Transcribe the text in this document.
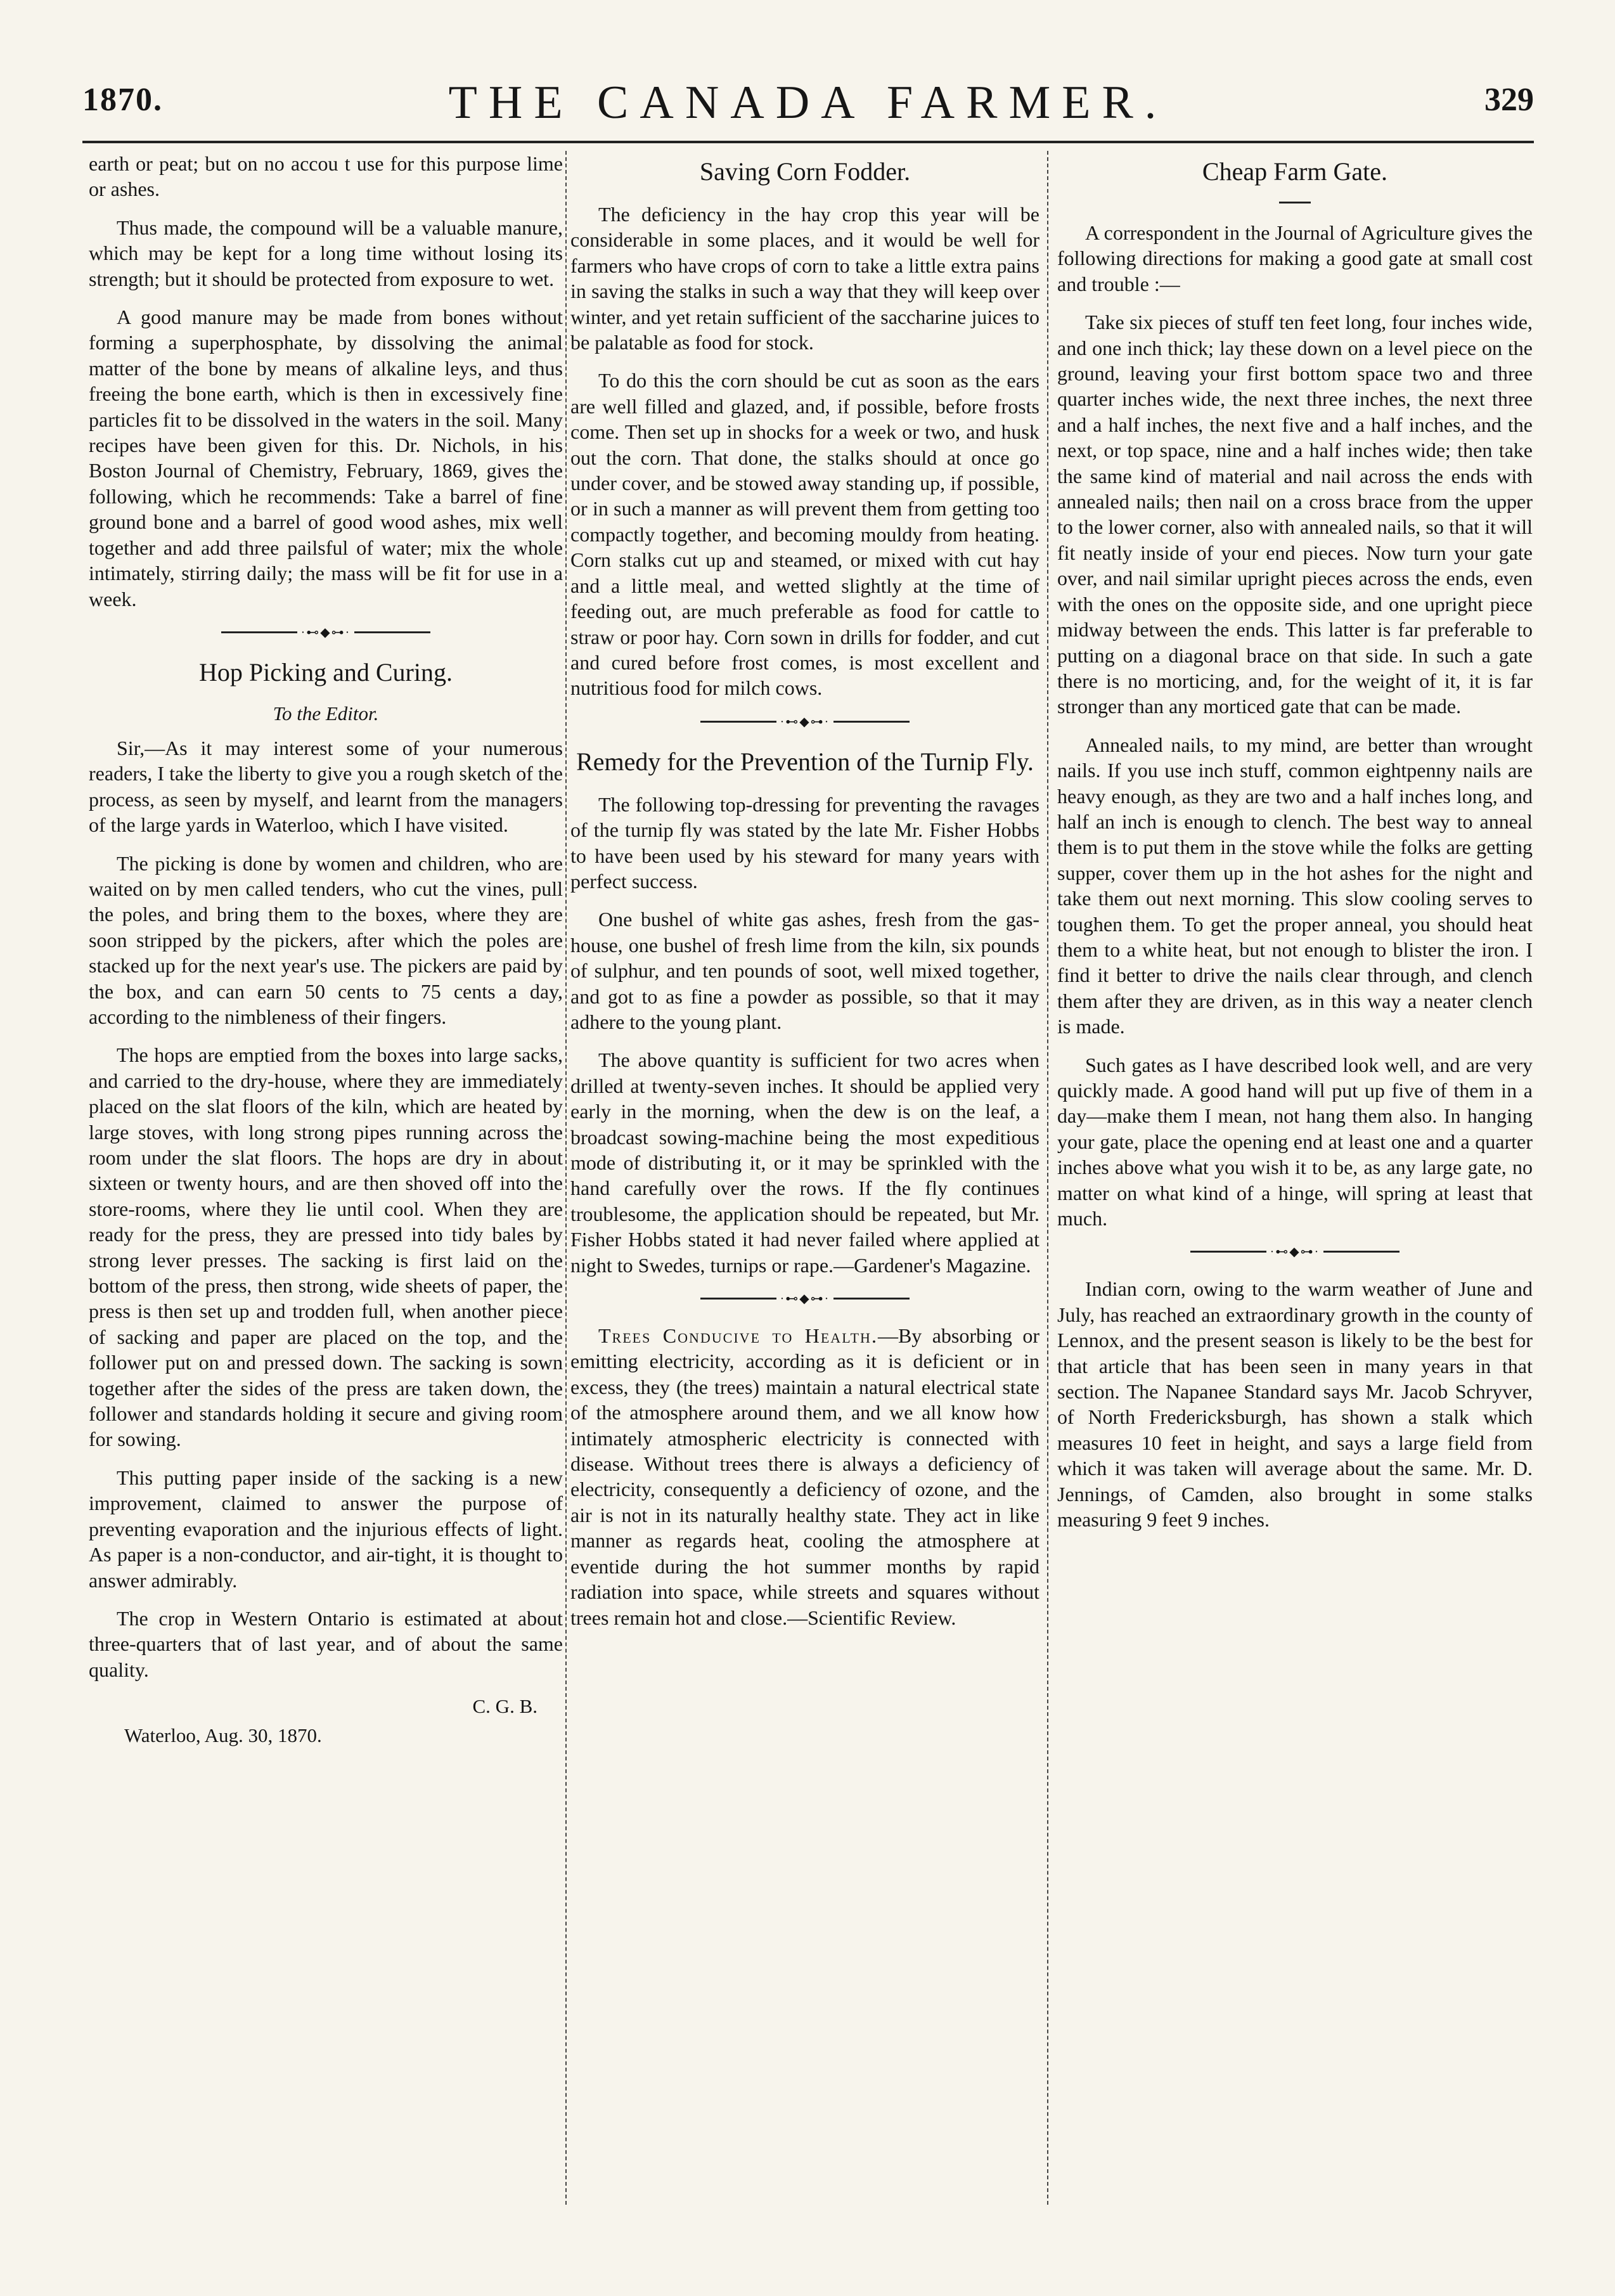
1870.	THE CANADA FARMER.	329

earth or peat; but on no accou t use for this purpose lime or ashes.

Thus made, the compound will be a valuable manure, which may be kept for a long time without losing its strength; but it should be protected from exposure to wet.

A good manure may be made from bones without forming a superphosphate, by dissolving the animal matter of the bone by means of alkaline leys, and thus freeing the bone earth, which is then in excessively fine particles fit to be dissolved in the waters in the soil. Many recipes have been given for this. Dr. Nichols, in his Boston Journal of Chemistry, February, 1869, gives the following, which he recommends: Take a barrel of fine ground bone and a barrel of good wood ashes, mix well together and add three pailsful of water; mix the whole intimately, stirring daily; the mass will be fit for use in a week.

·⊷◆⊶·
Hop Picking and Curing.
To the Editor.

Sir,—As it may interest some of your numerous readers, I take the liberty to give you a rough sketch of the process, as seen by myself, and learnt from the managers of the large yards in Waterloo, which I have visited.

The picking is done by women and children, who are waited on by men called tenders, who cut the vines, pull the poles, and bring them to the boxes, where they are soon stripped by the pickers, after which the poles are stacked up for the next year's use. The pickers are paid by the box, and can earn 50 cents to 75 cents a day, according to the nimbleness of their fingers.

The hops are emptied from the boxes into large sacks, and carried to the dry-house, where they are immediately placed on the slat floors of the kiln, which are heated by large stoves, with long strong pipes running across the room under the slat floors. The hops are dry in about sixteen or twenty hours, and are then shoved off into the store-rooms, where they lie until cool. When they are ready for the press, they are pressed into tidy bales by strong lever presses. The sacking is first laid on the bottom of the press, then strong, wide sheets of paper, the press is then set up and trodden full, when another piece of sacking and paper are placed on the top, and the follower put on and pressed down. The sacking is sown together after the sides of the press are taken down, the follower and standards holding it secure and giving room for sowing.

This putting paper inside of the sacking is a new improvement, claimed to answer the purpose of preventing evaporation and the injurious effects of light. As paper is a non-conductor, and air-tight, it is thought to answer admirably.

The crop in Western Ontario is estimated at about three-quarters that of last year, and of about the same quality.

C. G. B.
Waterloo, Aug. 30, 1870.
Saving Corn Fodder.

The deficiency in the hay crop this year will be considerable in some places, and it would be well for farmers who have crops of corn to take a little extra pains in saving the stalks in such a way that they will keep over winter, and yet retain sufficient of the saccharine juices to be palatable as food for stock.

To do this the corn should be cut as soon as the ears are well filled and glazed, and, if possible, before frosts come. Then set up in shocks for a week or two, and husk out the corn. That done, the stalks should at once go under cover, and be stowed away standing up, if possible, or in such a manner as will prevent them from getting too compactly together, and becoming mouldy from heating. Corn stalks cut up and steamed, or mixed with cut hay and a little meal, and wetted slightly at the time of feeding out, are much preferable as food for cattle to straw or poor hay. Corn sown in drills for fodder, and cut and cured before frost comes, is most excellent and nutritious food for milch cows.

·⊷◆⊶·
Remedy for the Prevention of the Turnip Fly.

The following top-dressing for preventing the ravages of the turnip fly was stated by the late Mr. Fisher Hobbs to have been used by his steward for many years with perfect success.

One bushel of white gas ashes, fresh from the gas-house, one bushel of fresh lime from the kiln, six pounds of sulphur, and ten pounds of soot, well mixed together, and got to as fine a powder as possible, so that it may adhere to the young plant.

The above quantity is sufficient for two acres when drilled at twenty-seven inches. It should be applied very early in the morning, when the dew is on the leaf, a broadcast sowing-machine being the most expeditious mode of distributing it, or it may be sprinkled with the hand carefully over the rows. If the fly continues troublesome, the application should be repeated, but Mr. Fisher Hobbs stated it had never failed where applied at night to Swedes, turnips or rape.—Gardener's Magazine.

·⊷◆⊶·

Trees Conducive to Health.—By absorbing or emitting electricity, according as it is deficient or in excess, they (the trees) maintain a natural electrical state of the atmosphere around them, and we all know how intimately atmospheric electricity is connected with disease. Without trees there is always a deficiency of electricity, consequently a deficiency of ozone, and the air is not in its naturally healthy state. They act in like manner as regards heat, cooling the atmosphere at eventide during the hot summer months by rapid radiation into space, while streets and squares without trees remain hot and close.—Scientific Review.

Cheap Farm Gate.

A correspondent in the Journal of Agriculture gives the following directions for making a good gate at small cost and trouble :—

Take six pieces of stuff ten feet long, four inches wide, and one inch thick; lay these down on a level piece on the ground, leaving your first bottom space two and three quarter inches wide, the next three inches, the next three and a half inches, the next five and a half inches, and the next, or top space, nine and a half inches wide; then take the same kind of material and nail across the ends with annealed nails; then nail on a cross brace from the upper to the lower corner, also with annealed nails, so that it will fit neatly inside of your end pieces. Now turn your gate over, and nail similar upright pieces across the ends, even with the ones on the opposite side, and one upright piece midway between the ends. This latter is far preferable to putting on a diagonal brace on that side. In such a gate there is no morticing, and, for the weight of it, it is far stronger than any morticed gate that can be made.

Annealed nails, to my mind, are better than wrought nails. If you use inch stuff, common eightpenny nails are heavy enough, as they are two and a half inches long, and half an inch is enough to clench. The best way to anneal them is to put them in the stove while the folks are getting supper, cover them up in the hot ashes for the night and take them out next morning. This slow cooling serves to toughen them. To get the proper anneal, you should heat them to a white heat, but not enough to blister the iron. I find it better to drive the nails clear through, and clench them after they are driven, as in this way a neater clench is made.

Such gates as I have described look well, and are very quickly made. A good hand will put up five of them in a day—make them I mean, not hang them also. In hanging your gate, place the opening end at least one and a quarter inches above what you wish it to be, as any large gate, no matter on what kind of a hinge, will spring at least that much.

·⊷◆⊶·

Indian corn, owing to the warm weather of June and July, has reached an extraordinary growth in the county of Lennox, and the present season is likely to be the best for that article that has been seen in many years in that section. The Napanee Standard says Mr. Jacob Schryver, of North Fredericksburgh, has shown a stalk which measures 10 feet in height, and says a large field from which it was taken will average about the same. Mr. D. Jennings, of Camden, also brought in some stalks measuring 9 feet 9 inches.
